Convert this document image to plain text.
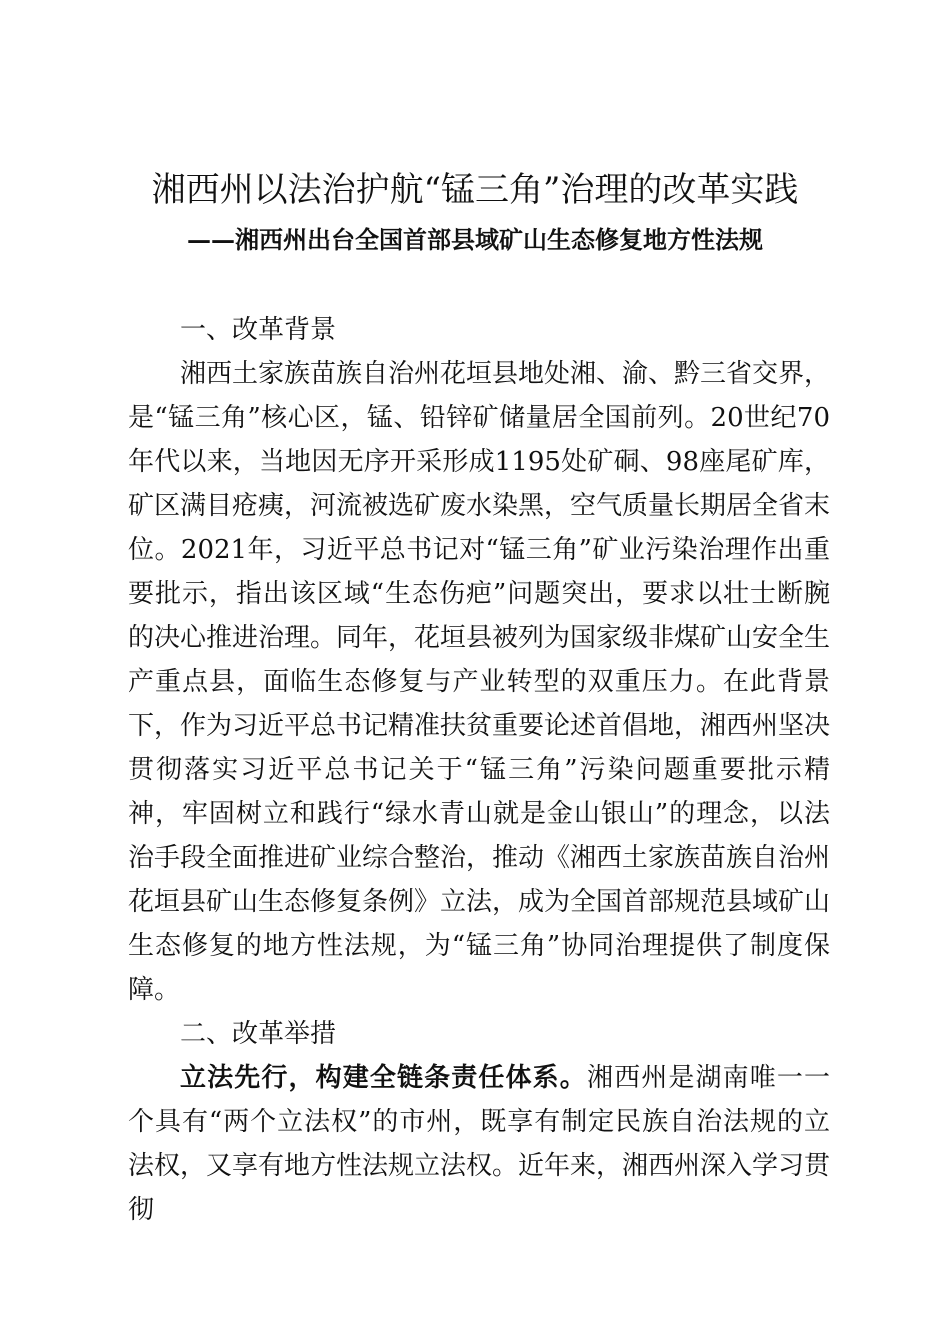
湘西州以法治护航“锰三角”治理的改革实践
——湘西州出台全国首部县域矿山生态修复地方性法规

一、改革背景

湘西土家族苗族自治州花垣县地处湘、渝、黔三省交界，是“锰三角”核心区，锰、铅锌矿储量居全国前列。20世纪70年代以来，当地因无序开采形成1195处矿硐、98座尾矿库，矿区满目疮痍，河流被选矿废水染黑，空气质量长期居全省末位。2021年，习近平总书记对“锰三角”矿业污染治理作出重要批示，指出该区域“生态伤疤”问题突出，要求以壮士断腕的决心推进治理。同年，花垣县被列为国家级非煤矿山安全生产重点县，面临生态修复与产业转型的双重压力。在此背景下，作为习近平总书记精准扶贫重要论述首倡地，湘西州坚决贯彻落实习近平总书记关于“锰三角”污染问题重要批示精神，牢固树立和践行“绿水青山就是金山银山”的理念，以法治手段全面推进矿业综合整治，推动《湘西土家族苗族自治州花垣县矿山生态修复条例》立法，成为全国首部规范县域矿山生态修复的地方性法规，为“锰三角”协同治理提供了制度保障。

二、改革举措

立法先行，构建全链条责任体系。湘西州是湖南唯一一个具有“两个立法权”的市州，既享有制定民族自治法规的立法权，又享有地方性法规立法权。近年来，湘西州深入学习贯彻
